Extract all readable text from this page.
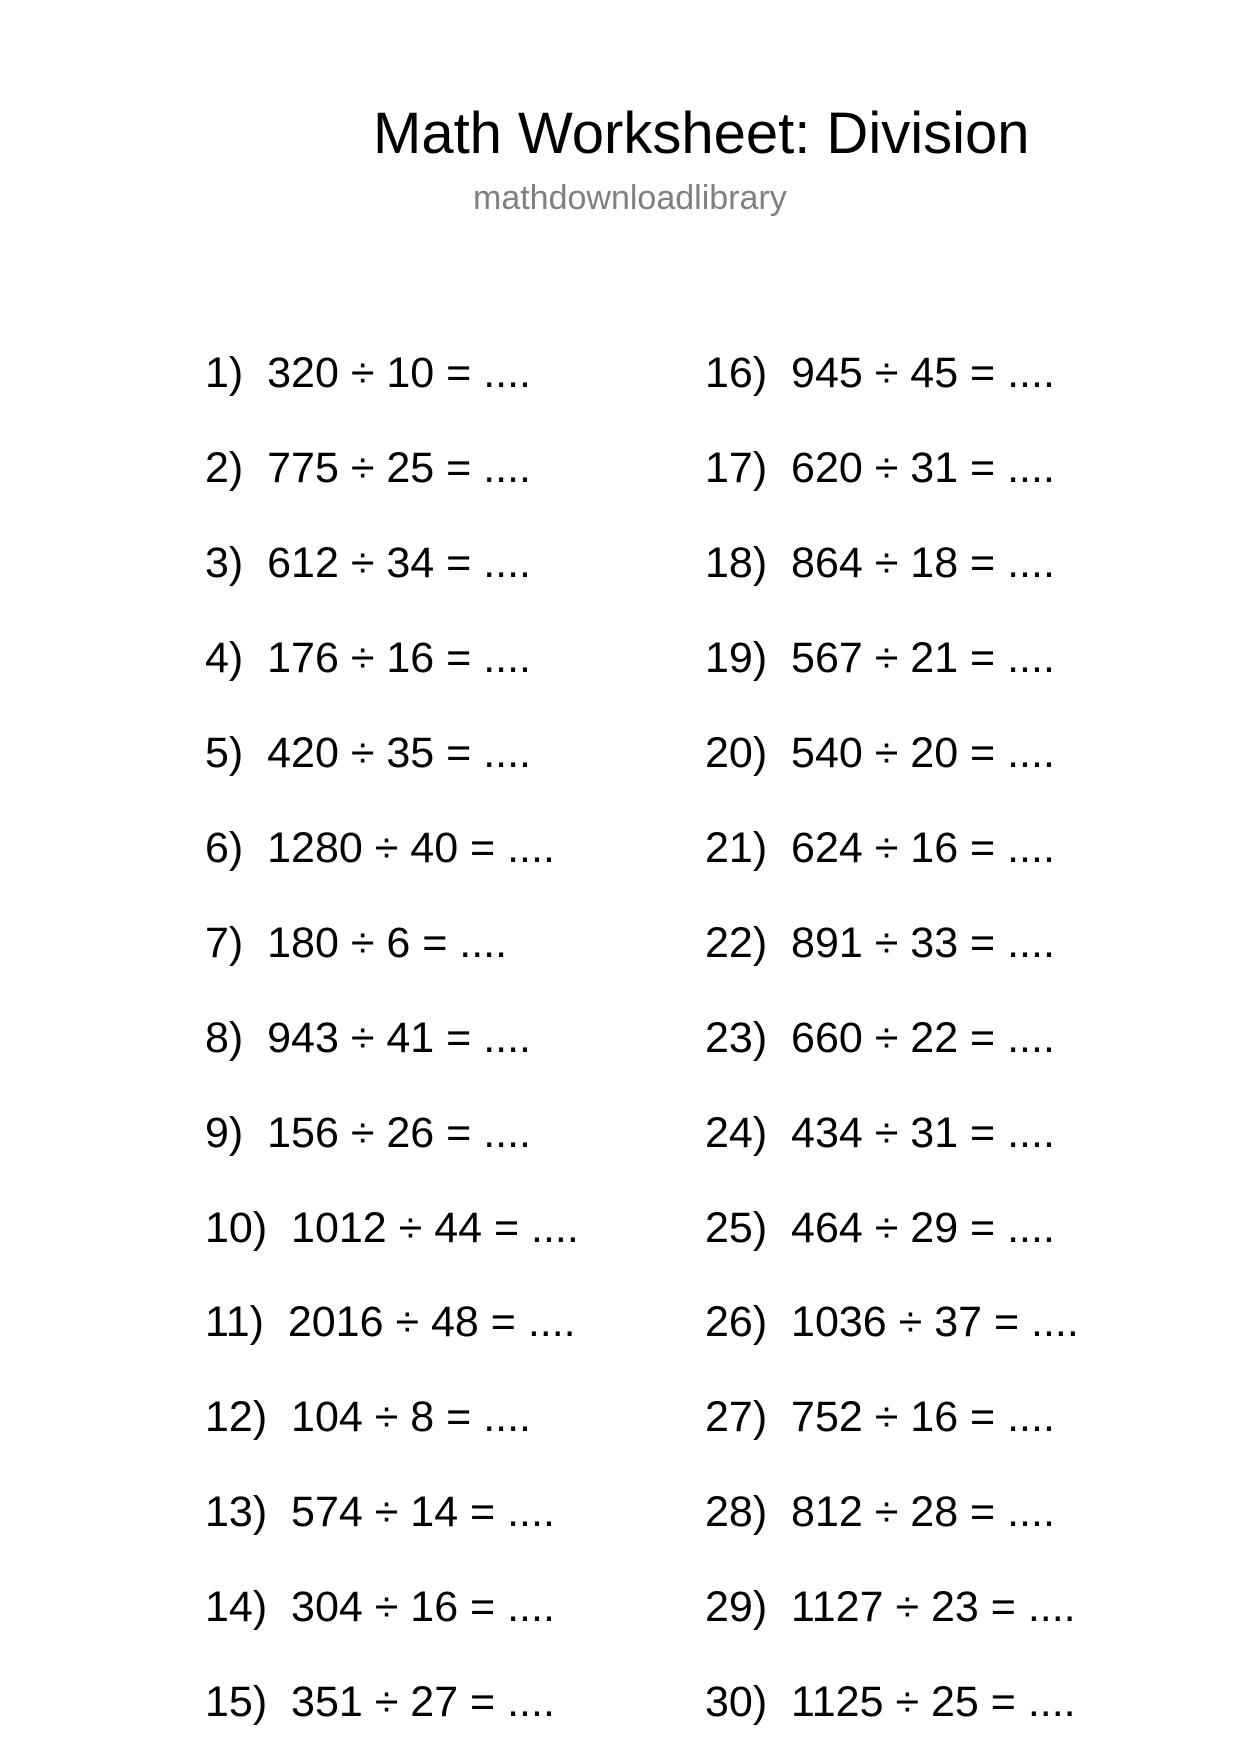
Math Worksheet: Division
mathdownloadlibrary
1)  320 ÷ 10 = ....
2)  775 ÷ 25 = ....
3)  612 ÷ 34 = ....
4)  176 ÷ 16 = ....
5)  420 ÷ 35 = ....
6)  1280 ÷ 40 = ....
7)  180 ÷ 6 = ....
8)  943 ÷ 41 = ....
9)  156 ÷ 26 = ....
10)  1012 ÷ 44 = ....
11)  2016 ÷ 48 = ....
12)  104 ÷ 8 = ....
13)  574 ÷ 14 = ....
14)  304 ÷ 16 = ....
15)  351 ÷ 27 = ....
16)  945 ÷ 45 = ....
17)  620 ÷ 31 = ....
18)  864 ÷ 18 = ....
19)  567 ÷ 21 = ....
20)  540 ÷ 20 = ....
21)  624 ÷ 16 = ....
22)  891 ÷ 33 = ....
23)  660 ÷ 22 = ....
24)  434 ÷ 31 = ....
25)  464 ÷ 29 = ....
26)  1036 ÷ 37 = ....
27)  752 ÷ 16 = ....
28)  812 ÷ 28 = ....
29)  1127 ÷ 23 = ....
30)  1125 ÷ 25 = ....
